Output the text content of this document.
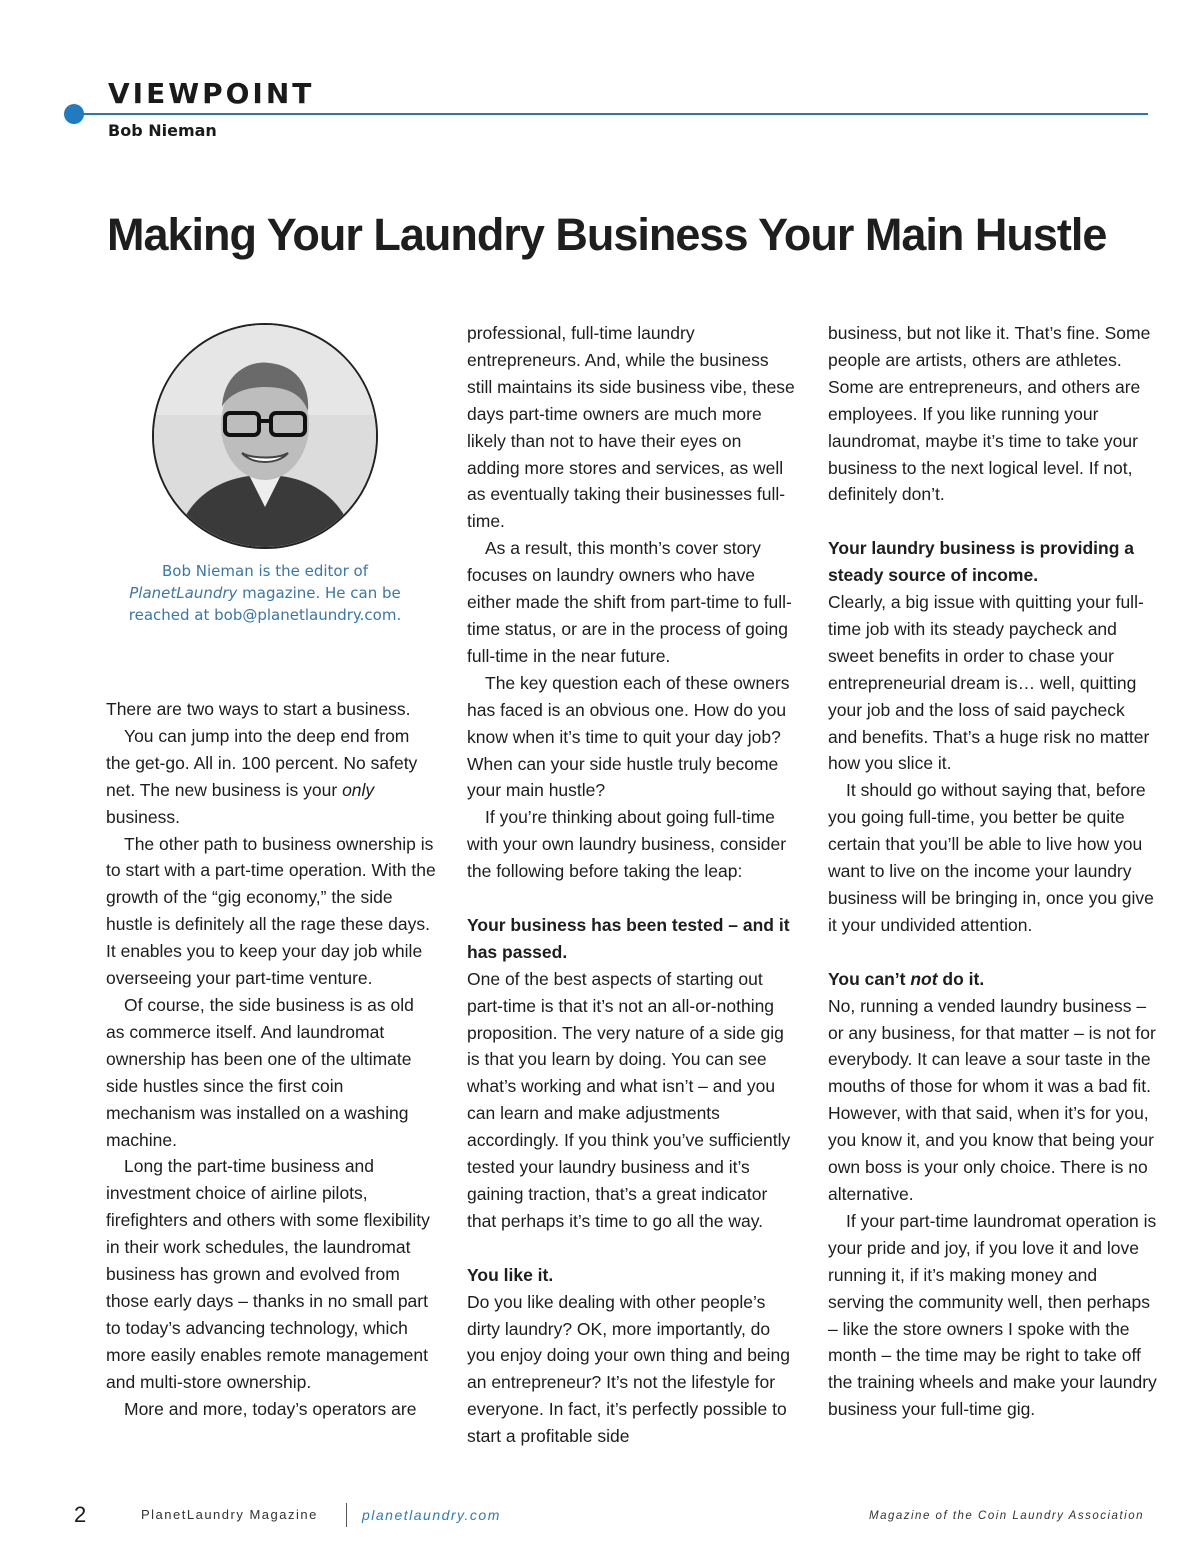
VIEWPOINT
Bob Nieman
Making Your Laundry Business Your Main Hustle
Bob Nieman is the editor of
PlanetLaundry magazine. He can be reached at bob@planetlaundry.com.

There are two ways to start a business.

You can jump into the deep end from the get-go. All in. 100 percent. No safety net. The new business is your only business.

The other path to business ownership is to start with a part-time operation. With the growth of the “gig economy,” the side hustle is definitely all the rage these days. It enables you to keep your day job while overseeing your part-time venture.

Of course, the side business is as old as commerce itself. And laundromat ownership has been one of the ultimate side hustles since the first coin mechanism was installed on a washing machine.

Long the part-time business and investment choice of airline pilots, firefighters and others with some flexibility in their work schedules, the laundromat business has grown and evolved from those early days – thanks in no small part to today’s advancing technology, which more easily enables remote management and multi-store ownership.

More and more, today’s operators are

professional, full-time laundry entrepreneurs. And, while the business still maintains its side business vibe, these days part-time owners are much more likely than not to have their eyes on adding more stores and services, as well as eventually taking their businesses full-time.

As a result, this month’s cover story focuses on laundry owners who have either made the shift from part-time to full-time status, or are in the process of going full-time in the near future.

The key question each of these owners has faced is an obvious one. How do you know when it’s time to quit your day job? When can your side hustle truly become your main hustle?

If you’re thinking about going full-time with your own laundry business, consider the following before taking the leap:

Your business has been tested – and it has passed.

One of the best aspects of starting out part-time is that it’s not an all-or-nothing proposition. The very nature of a side gig is that you learn by doing. You can see what’s working and what isn’t – and you can learn and make adjustments accordingly. If you think you’ve sufficiently tested your laundry business and it’s gaining traction, that’s a great indicator that perhaps it’s time to go all the way.

You like it.

Do you like dealing with other people’s dirty laundry? OK, more importantly, do you enjoy doing your own thing and being an entrepreneur? It’s not the lifestyle for everyone. In fact, it’s perfectly possible to start a profitable side

business, but not like it. That’s fine. Some people are artists, others are athletes. Some are entrepreneurs, and others are employees. If you like running your laundromat, maybe it’s time to take your business to the next logical level. If not, definitely don’t.

Your laundry business is providing a steady source of income.

Clearly, a big issue with quitting your full-time job with its steady paycheck and sweet benefits in order to chase your entrepreneurial dream is… well, quitting your job and the loss of said paycheck and benefits. That’s a huge risk no matter how you slice it.

It should go without saying that, before you going full-time, you better be quite certain that you’ll be able to live how you want to live on the income your laundry business will be bringing in, once you give it your undivided attention.

You can’t not do it.

No, running a vended laundry business – or any business, for that matter – is not for everybody. It can leave a sour taste in the mouths of those for whom it was a bad fit. However, with that said, when it’s for you, you know it, and you know that being your own boss is your only choice. There is no alternative.

If your part-time laundromat operation is your pride and joy, if you love it and love running it, if it’s making money and serving the community well, then perhaps – like the store owners I spoke with the month – the time may be right to take off the training wheels and make your laundry business your full-time gig.

2	PlanetLaundry Magazine	planetlaundry.com	Magazine of the Coin Laundry Association
